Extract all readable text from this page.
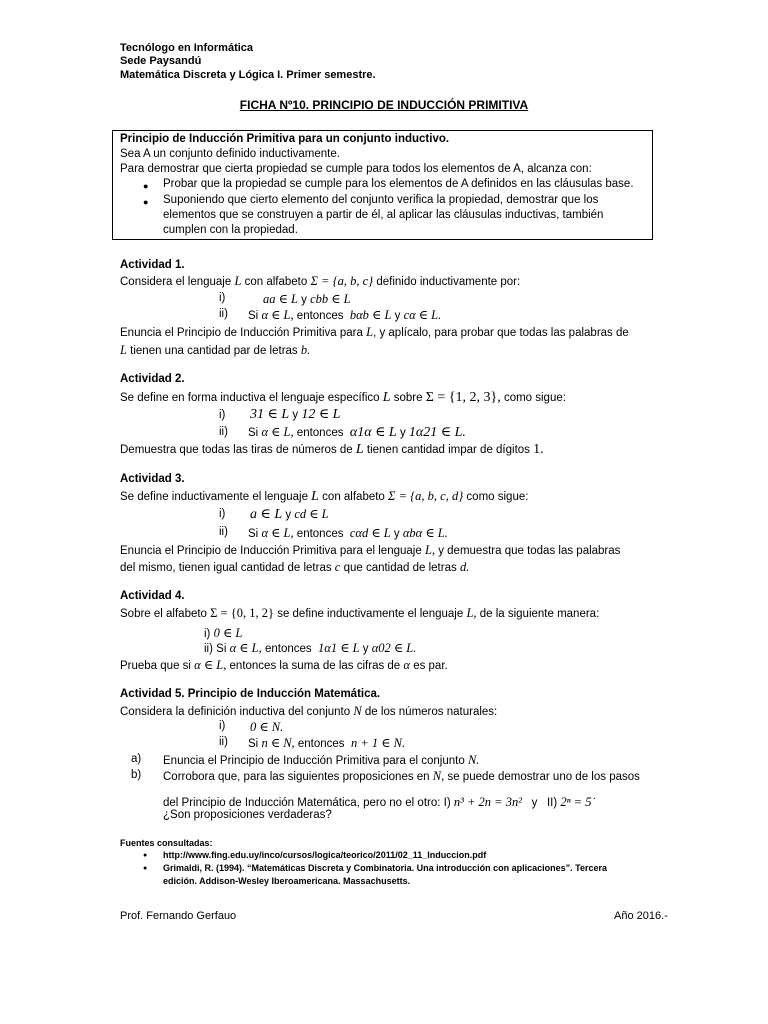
Tecnólogo en Informática
Sede Paysandú
Matemática Discreta y Lógica I. Primer semestre.
FICHA Nº10. PRINCIPIO DE INDUCCIÓN PRIMITIVA
Principio de Inducción Primitiva para un conjunto inductivo.
Sea A un conjunto definido inductivamente.
Para demostrar que cierta propiedad se cumple para todos los elementos de A, alcanza con:
● Probar que la propiedad se cumple para los elementos de A definidos en las cláusulas base.
● Suponiendo que cierto elemento del conjunto verifica la propiedad, demostrar que los
elementos que se construyen a partir de él, al aplicar las cláusulas inductivas, también
cumplen con la propiedad.
Actividad 1.
Considera el lenguaje L con alfabeto Σ = {a, b, c} definido inductivamente por:
i)	aa ∈ L y cbb ∈ L
ii) Si α ∈ L, entonces bαb ∈ L y cα ∈ L.
Enuncia el Principio de Inducción Primitiva para L, y aplícalo, para probar que todas las palabras de
L tienen una cantidad par de letras b.
Actividad 2.
Se define en forma inductiva el lenguaje específico L sobre Σ = {1, 2, 3}, como sigue:
i) 31 ∈ L y 12 ∈ L
ii) Si α ∈ L, entonces α1α ∈ L y 1α21 ∈ L.
Demuestra que todas las tiras de números de L tienen cantidad impar de dígitos 1.
Actividad 3.
Se define inductivamente el lenguaje L con alfabeto Σ = {a, b, c, d} como sigue:
i) a ∈ L y cd ∈ L
ii) Si α ∈ L, entonces cαd ∈ L y αbα ∈ L.
Enuncia el Principio de Inducción Primitiva para el lenguaje L, y demuestra que todas las palabras
del mismo, tienen igual cantidad de letras c que cantidad de letras d.
Actividad 4.
Sobre el alfabeto Σ = {0, 1, 2} se define inductivamente el lenguaje L, de la siguiente manera:
i) 0 ∈ L
ii) Si α ∈ L, entonces 1α1 ∈ L y α02 ∈ L.
Prueba que si α ∈ L, entonces la suma de las cifras de α es par.
Actividad 5. Principio de Inducción Matemática.
Considera la definición inductiva del conjunto N de los números naturales:
i) 0 ∈ N.
ii) Si n ∈ N, entonces n + 1 ∈ N.
a) Enuncia el Principio de Inducción Primitiva para el conjunto N.
b) Corrobora que, para las siguientes proposiciones en N, se puede demostrar uno de los pasos
del Principio de Inducción Matemática, pero no el otro: I) n³ + 2n = 3n² y II) 2ⁿ = 5̇
¿Son proposiciones verdaderas?
Fuentes consultadas:
● http://www.fing.edu.uy/inco/cursos/logica/teorico/2011/02_11_Induccion.pdf
● Grimaldi, R. (1994). “Matemáticas Discreta y Combinatoria. Una introducción con aplicaciones”. Tercera
edición. Addison-Wesley Iberoamericana. Massachusetts.
Prof. Fernando Gerfauo	Año 2016.-
